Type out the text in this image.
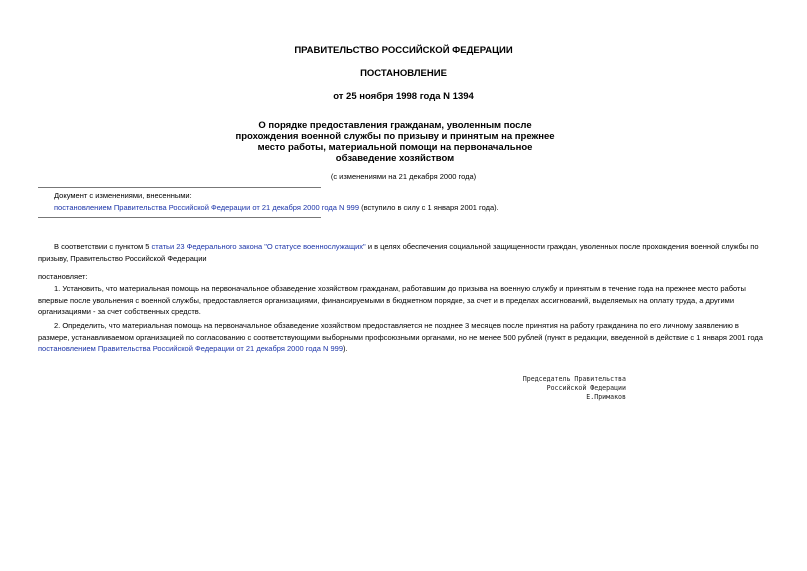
ПРАВИТЕЛЬСТВО РОССИЙСКОЙ ФЕДЕРАЦИИ
ПОСТАНОВЛЕНИЕ
от 25 ноября 1998 года N 1394
О порядке предоставления гражданам, уволенным после
прохождения военной службы по призыву и принятым на прежнее
место работы, материальной помощи на первоначальное
обзаведение хозяйством
(с изменениями на 21 декабря 2000 года)
Документ с изменениями, внесенными:
постановлением Правительства Российской Федерации от 21 декабря 2000 года N 999 (вступило в силу с 1 января 2001 года).
В соответствии с пунктом 5 статьи 23 Федерального закона "О статусе военнослужащих" и в целях обеспечения социальной защищенности граждан, уволенных после прохождения военной службы по призыву, Правительство Российской Федерации
постановляет:
1. Установить, что материальная помощь на первоначальное обзаведение хозяйством гражданам, работавшим до призыва на военную службу и принятым в течение года на прежнее место работы впервые после увольнения с военной службы, предоставляется организациями, финансируемыми в бюджетном порядке, за счет и в пределах ассигнований, выделяемых на оплату труда, а другими организациями - за счет собственных средств.
2. Определить, что материальная помощь на первоначальное обзаведение хозяйством предоставляется не позднее 3 месяцев после принятия на работу гражданина по его личному заявлению в размере, устанавливаемом организацией по согласованию с соответствующими выборными профсоюзными органами, но не менее 500 рублей (пункт в редакции, введенной в действие с 1 января 2001 года постановлением Правительства Российской Федерации от 21 декабря 2000 года N 999).
Председатель Правительства
Российской Федерации
Е.Примаков
